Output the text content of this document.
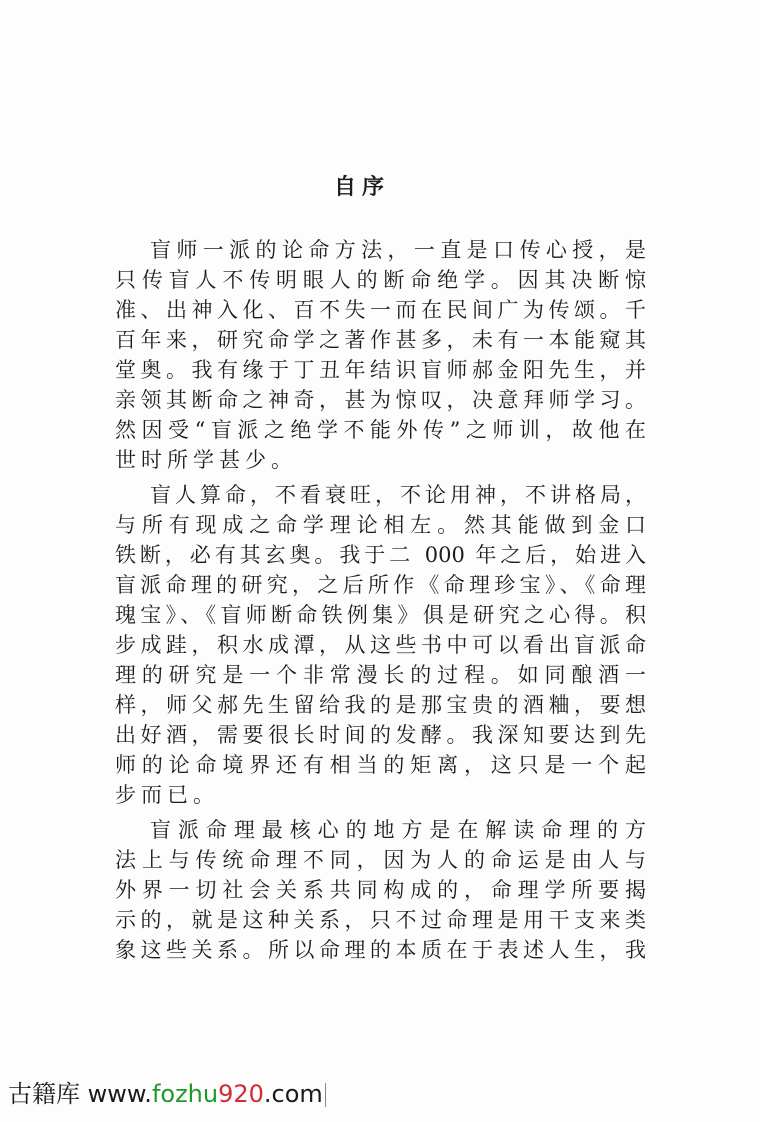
自序
盲师一派的论命方法，一直是口传心授，是
只传盲人不传明眼人的断命绝学。因其决断惊
准、出神入化、百不失一而在民间广为传颂。千
百年来，研究命学之著作甚多，未有一本能窥其
堂奥。我有缘于丁丑年结识盲师郝金阳先生，并
亲领其断命之神奇，甚为惊叹，决意拜师学习。
然因受“盲派之绝学不能外传”之师训，故他在
世时所学甚少。
盲人算命，不看衰旺，不论用神，不讲格局，
与所有现成之命学理论相左。然其能做到金口
铁断，必有其玄奥。我于二 000 年之后，始进入
盲派命理的研究，之后所作《命理珍宝》、《命理
瑰宝》、《盲师断命铁例集》俱是研究之心得。积
步成跬，积水成潭，从这些书中可以看出盲派命
理的研究是一个非常漫长的过程。如同酿酒一
样，师父郝先生留给我的是那宝贵的酒粬，要想
出好酒，需要很长时间的发酵。我深知要达到先
师的论命境界还有相当的矩离，这只是一个起
步而已。
盲派命理最核心的地方是在解读命理的方
法上与传统命理不同，因为人的命运是由人与
外界一切社会关系共同构成的，命理学所要揭
示的，就是这种关系，只不过命理是用干支来类
象这些关系。所以命理的本质在于表述人生，我
古籍库 www.fozhu920.com
